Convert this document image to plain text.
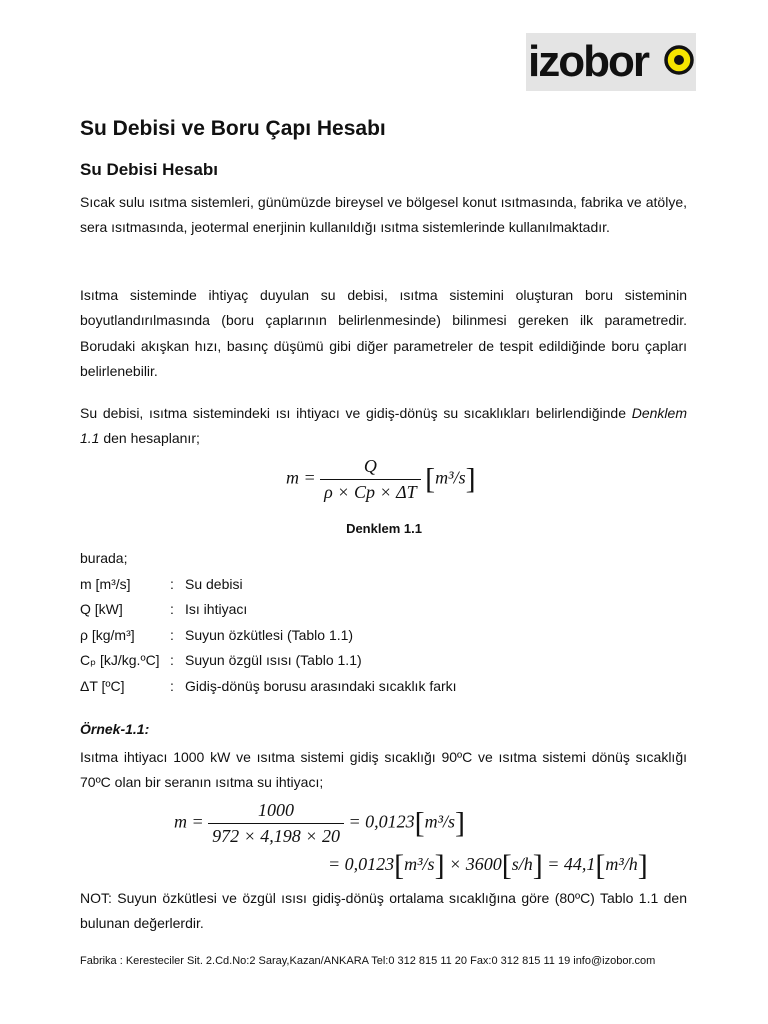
izobor
Su Debisi ve Boru Çapı Hesabı
Su Debisi Hesabı

Sıcak sulu ısıtma sistemleri, günümüzde bireysel ve bölgesel konut ısıtmasında, fabrika ve atölye, sera ısıtmasında, jeotermal enerjinin kullanıldığı ısıtma sistemlerinde kullanılmaktadır.

Isıtma sisteminde ihtiyaç duyulan su debisi, ısıtma sistemini oluşturan boru sisteminin boyutlandırılmasında (boru çaplarının belirlenmesinde) bilinmesi gereken ilk parametredir. Borudaki akışkan hızı, basınç düşümü gibi diğer parametreler de tespit edildiğinde boru çapları belirlenebilir.

Su debisi, ısıtma sistemindeki ısı ihtiyacı ve gidiş-dönüş su sıcaklıkları belirlendiğinde Denklem 1.1 den hesaplanır;

$m = \frac{Q}{\rho \times Cp \times \Delta T} [m^3/s]$
Denklem 1.1
burada;
m [m³/s]	: Su debisi
Q [kW]	: Isı ihtiyacı
ρ [kg/m³]	: Suyun özkütlesi (Tablo 1.1)
Cₚ [kJ/kg.ºC] : Suyun özgül ısısı (Tablo 1.1)
ΔT [ºC]	: Gidiş-dönüş borusu arasındaki sıcaklık farkı
Örnek-1.1:

Isıtma ihtiyacı 1000 kW ve ısıtma sistemi gidiş sıcaklığı 90ºC ve ısıtma sistemi dönüş sıcaklığı 70ºC olan bir seranın ısıtma su ihtiyacı;

$m = \frac{1000}{972 \times 4,198 \times 20} = 0,0123[m^3/s]$
= 0,0123[m³/s] × 3600[s/h] = 44,1[m³/h]

NOT: Suyun özkütlesi ve özgül ısısı gidiş-dönüş ortalama sıcaklığına göre (80ºC) Tablo 1.1 den bulunan değerlerdir.

Fabrika : Keresteciler Sit. 2.Cd.No:2 Saray,Kazan/ANKARA Tel:0 312 815 11 20 Fax:0 312 815 11 19 info@izobor.com
